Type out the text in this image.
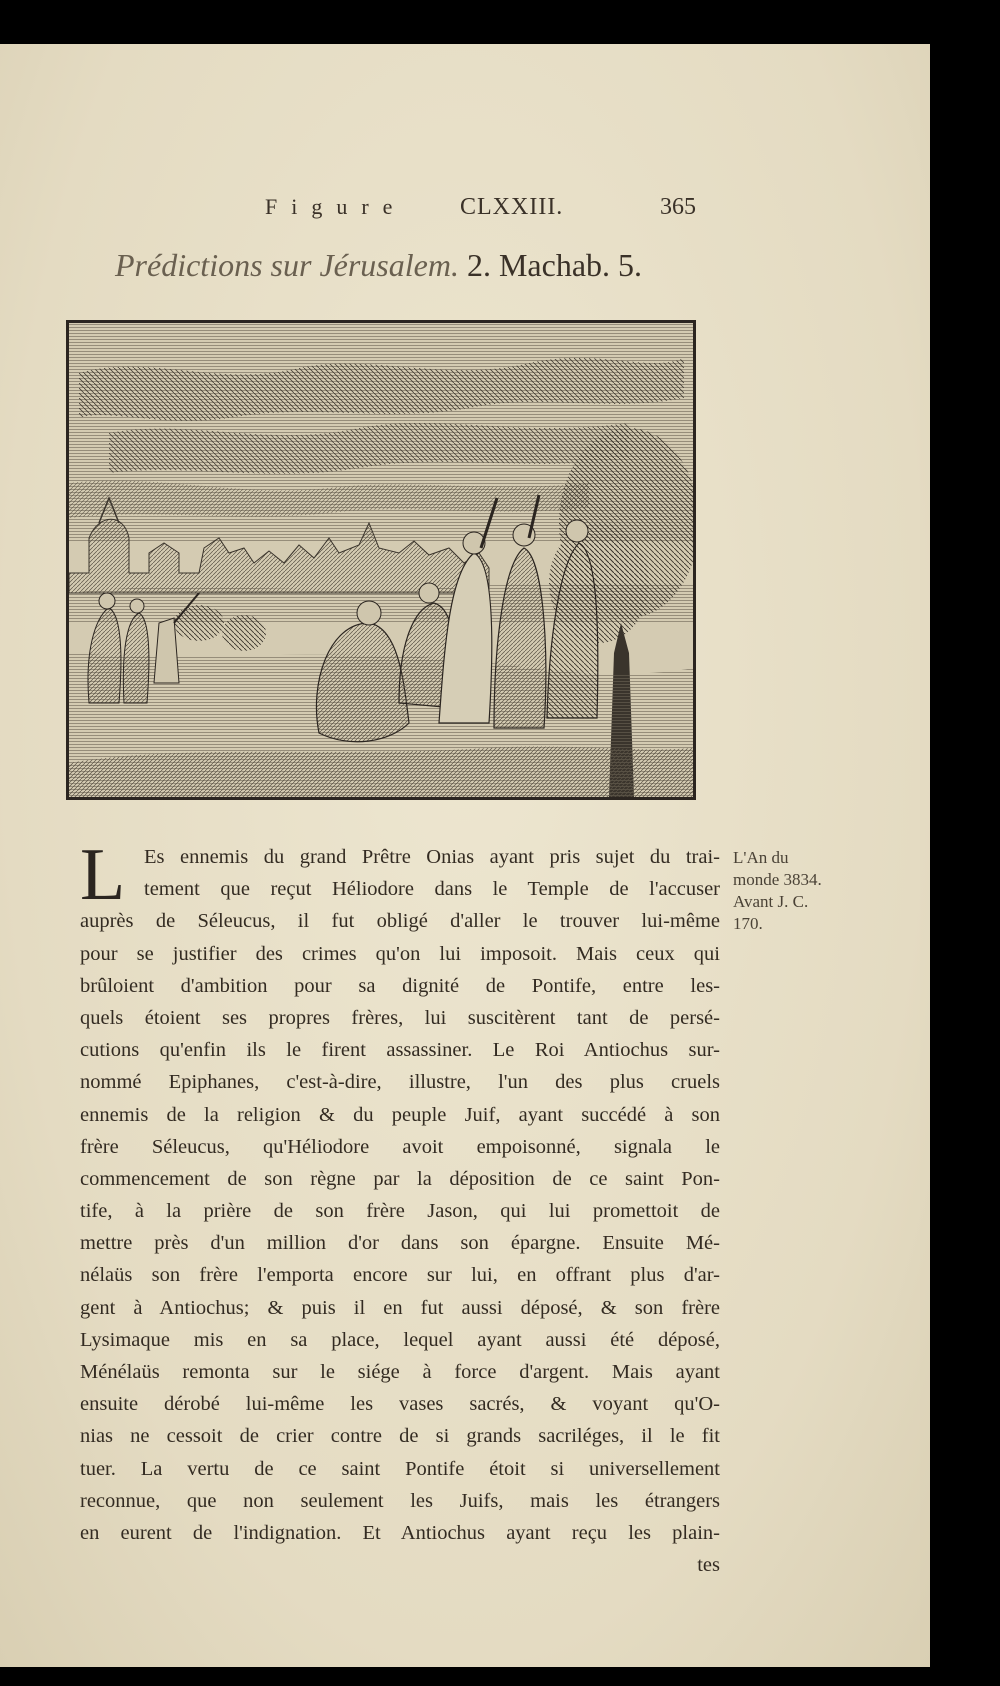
Figure CLXXIII.	365
Prédictions sur Jérusalem. 2. Machab. 5.
L Es ennemis du grand Prêtre Onias ayant pris sujet du trai-
tement que reçut Héliodore dans le Temple de l'accuser
auprès de Séleucus, il fut obligé d'aller le trouver lui-même
pour se justifier des crimes qu'on lui imposoit. Mais ceux qui
brûloient d'ambition pour sa dignité de Pontife, entre les-
quels étoient ses propres frères, lui suscitèrent tant de persé-
cutions qu'enfin ils le firent assassiner. Le Roi Antiochus sur-
nommé Epiphanes, c'est-à-dire, illustre, l'un des plus cruels
ennemis de la religion & du peuple Juif, ayant succédé à son
frère Séleucus, qu'Héliodore avoit empoisonné, signala le
commencement de son règne par la déposition de ce saint Pon-
tife, à la prière de son frère Jason, qui lui promettoit de
mettre près d'un million d'or dans son épargne. Ensuite Mé-
nélaüs son frère l'emporta encore sur lui, en offrant plus d'ar-
gent à Antiochus; & puis il en fut aussi déposé, & son frère
Lysimaque mis en sa place, lequel ayant aussi été déposé,
Ménélaüs remonta sur le siége à force d'argent. Mais ayant
ensuite dérobé lui-même les vases sacrés, & voyant qu'O-
nias ne cessoit de crier contre de si grands sacriléges, il le fit
tuer. La vertu de ce saint Pontife étoit si universellement
reconnue, que non seulement les Juifs, mais les étrangers
en eurent de l'indignation. Et Antiochus ayant reçu les plain-
tes
L'An du
monde 3834.
Avant J. C.
170.
